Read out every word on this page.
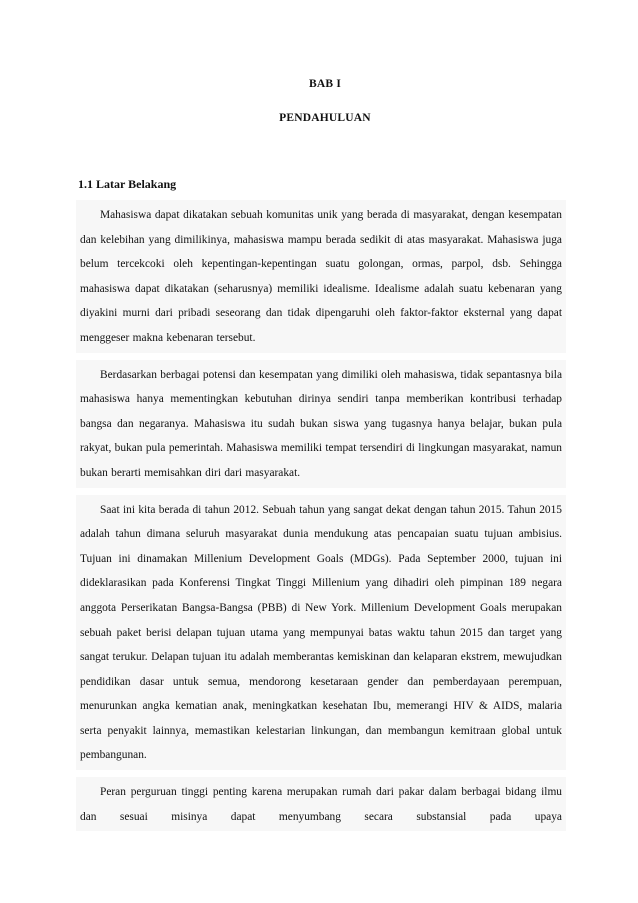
BAB I
PENDAHULUAN
1.1 Latar Belakang

Mahasiswa dapat dikatakan sebuah komunitas unik yang berada di masyarakat, dengan kesempatan dan kelebihan yang dimilikinya, mahasiswa mampu berada sedikit di atas masyarakat. Mahasiswa juga belum tercekcoki oleh kepentingan-kepentingan suatu golongan, ormas, parpol, dsb. Sehingga mahasiswa dapat dikatakan (seharusnya) memiliki idealisme. Idealisme adalah suatu kebenaran yang diyakini murni dari pribadi seseorang dan tidak dipengaruhi oleh faktor-faktor eksternal yang dapat menggeser makna kebenaran tersebut.

Berdasarkan berbagai potensi dan kesempatan yang dimiliki oleh mahasiswa, tidak sepantasnya bila mahasiswa hanya mementingkan kebutuhan dirinya sendiri tanpa memberikan kontribusi terhadap bangsa dan negaranya. Mahasiswa itu sudah bukan siswa yang tugasnya hanya belajar, bukan pula rakyat, bukan pula pemerintah. Mahasiswa memiliki tempat tersendiri di lingkungan masyarakat, namun bukan berarti memisahkan diri dari masyarakat.

Saat ini kita berada di tahun 2012. Sebuah tahun yang sangat dekat dengan tahun 2015. Tahun 2015 adalah tahun dimana seluruh masyarakat dunia mendukung atas pencapaian suatu tujuan ambisius. Tujuan ini dinamakan Millenium Development Goals (MDGs). Pada September 2000, tujuan ini dideklarasikan pada Konferensi Tingkat Tinggi Millenium yang dihadiri oleh pimpinan 189 negara anggota Perserikatan Bangsa-Bangsa (PBB) di New York. Millenium Development Goals merupakan sebuah paket berisi delapan tujuan utama yang mempunyai batas waktu tahun 2015 dan target yang sangat terukur. Delapan tujuan itu adalah memberantas kemiskinan dan kelaparan ekstrem, mewujudkan pendidikan dasar untuk semua, mendorong kesetaraan gender dan pemberdayaan perempuan, menurunkan angka kematian anak, meningkatkan kesehatan Ibu, memerangi HIV & AIDS, malaria serta penyakit lainnya, memastikan kelestarian linkungan, dan membangun kemitraan global untuk pembangunan.

Peran perguruan tinggi penting karena merupakan rumah dari pakar dalam berbagai bidang ilmu dan sesuai misinya dapat menyumbang secara substansial pada upaya
